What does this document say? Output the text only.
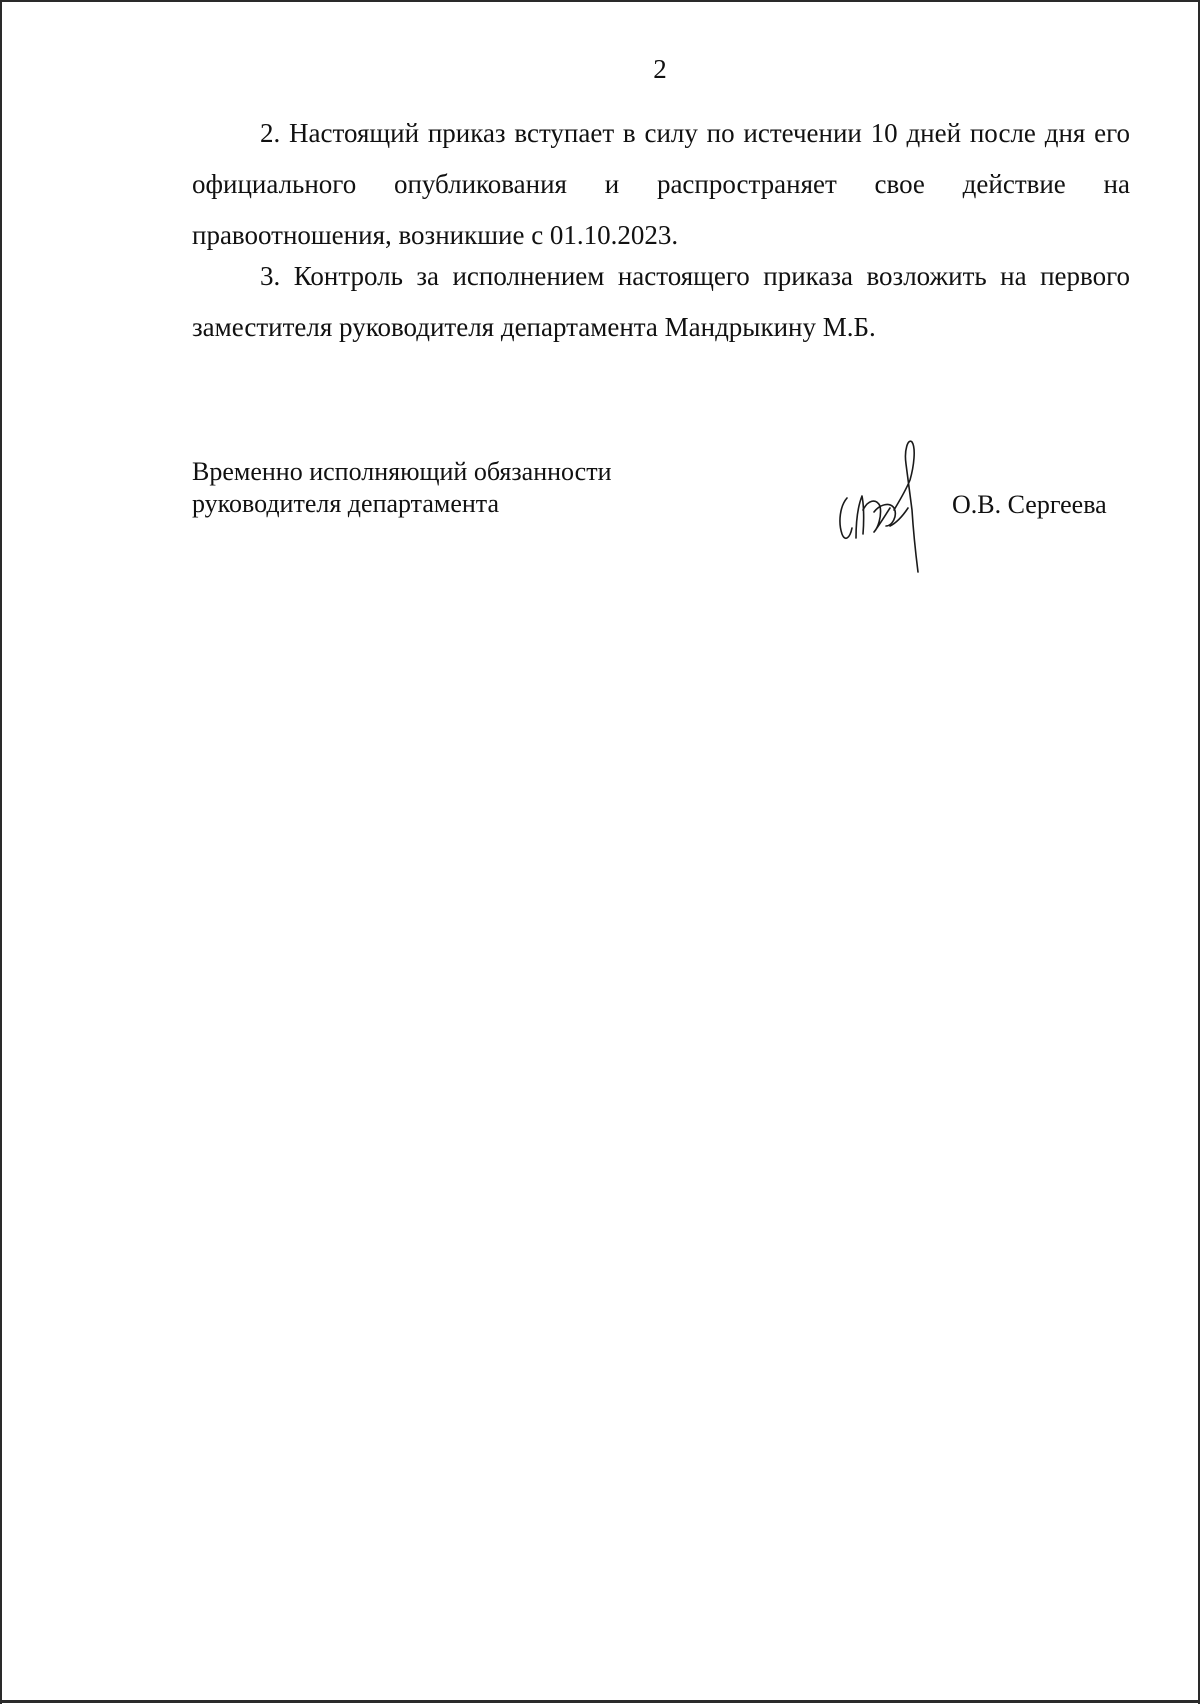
2

2. Настоящий приказ вступает в силу по истечении 10 дней после дня его официального опубликования и распространяет свое действие на правоотношения, возникшие с 01.10.2023.

3. Контроль за исполнением настоящего приказа возложить на первого заместителя руководителя департамента Мандрыкину М.Б.

Временно исполняющий обязанности
руководителя департамента	О.В. Сергеева
